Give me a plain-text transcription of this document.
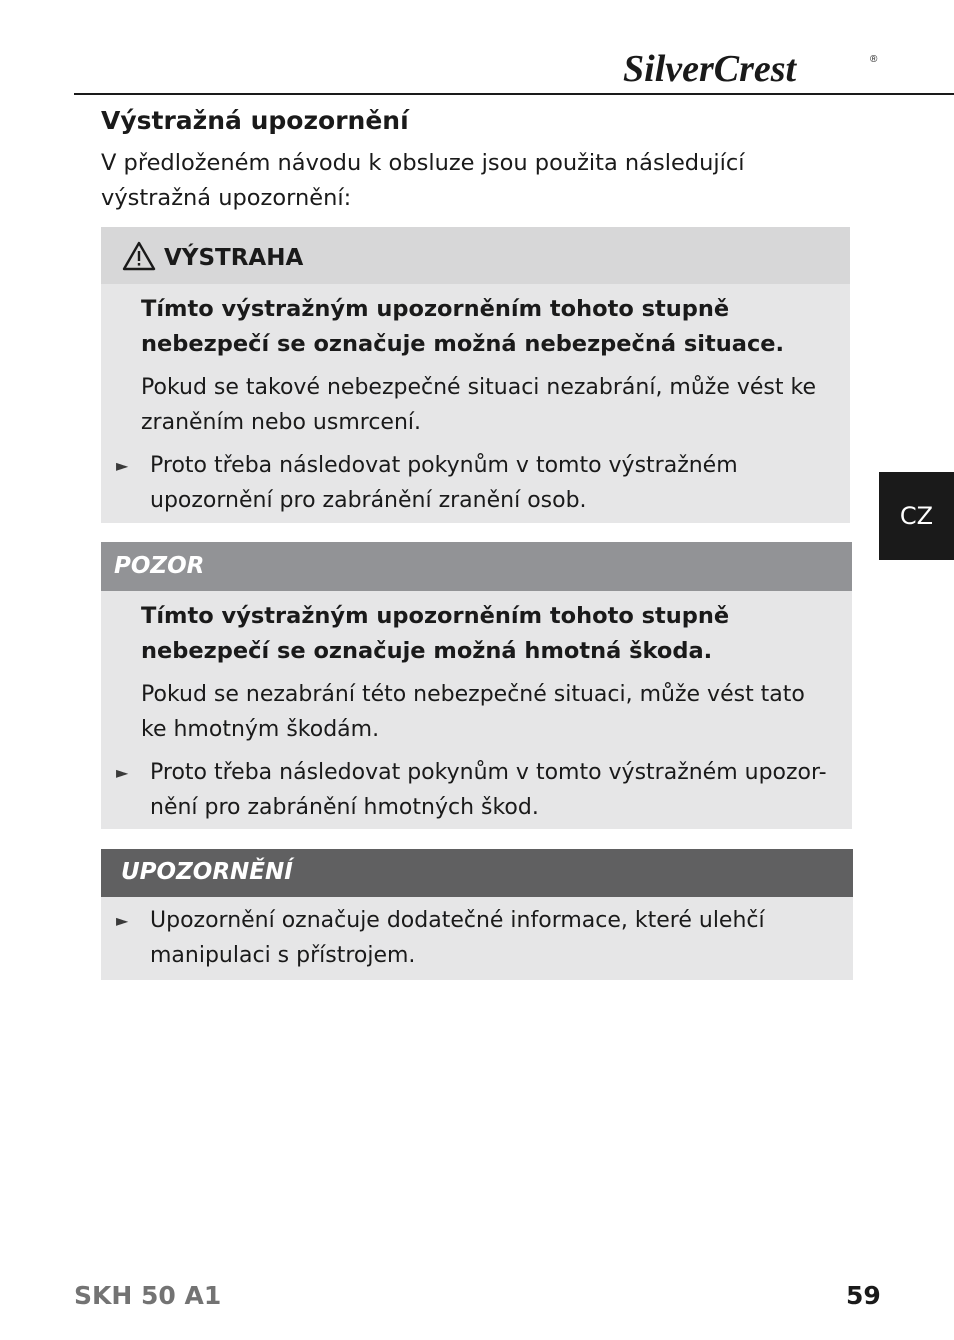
SilverCrest	®
Výstražná upozornění
V předloženém návodu k obsluze jsou použita následující výstražná upozornění:
VÝSTRAHA
Tímto výstražným upozorněním tohoto stupně nebezpečí se označuje možná nebezpečná situace.
Pokud se takové nebezpečné situaci nezabrání, může vést ke zraněním nebo usmrcení.
► Proto třeba následovat pokynům v tomto výstražném upozornění pro zabránění zranění osob.
POZOR
Tímto výstražným upozorněním tohoto stupně nebezpečí se označuje možná hmotná škoda.
Pokud se nezabrání této nebezpečné situaci, může vést tato ke hmotným škodám.
► Proto třeba následovat pokynům v tomto výstražném upozor-nění pro zabránění hmotných škod.
UPOZORNĚNÍ
► Upozornění označuje dodatečné informace, které ulehčí manipulaci s přístrojem.
CZ
SKH 50 A1	59
